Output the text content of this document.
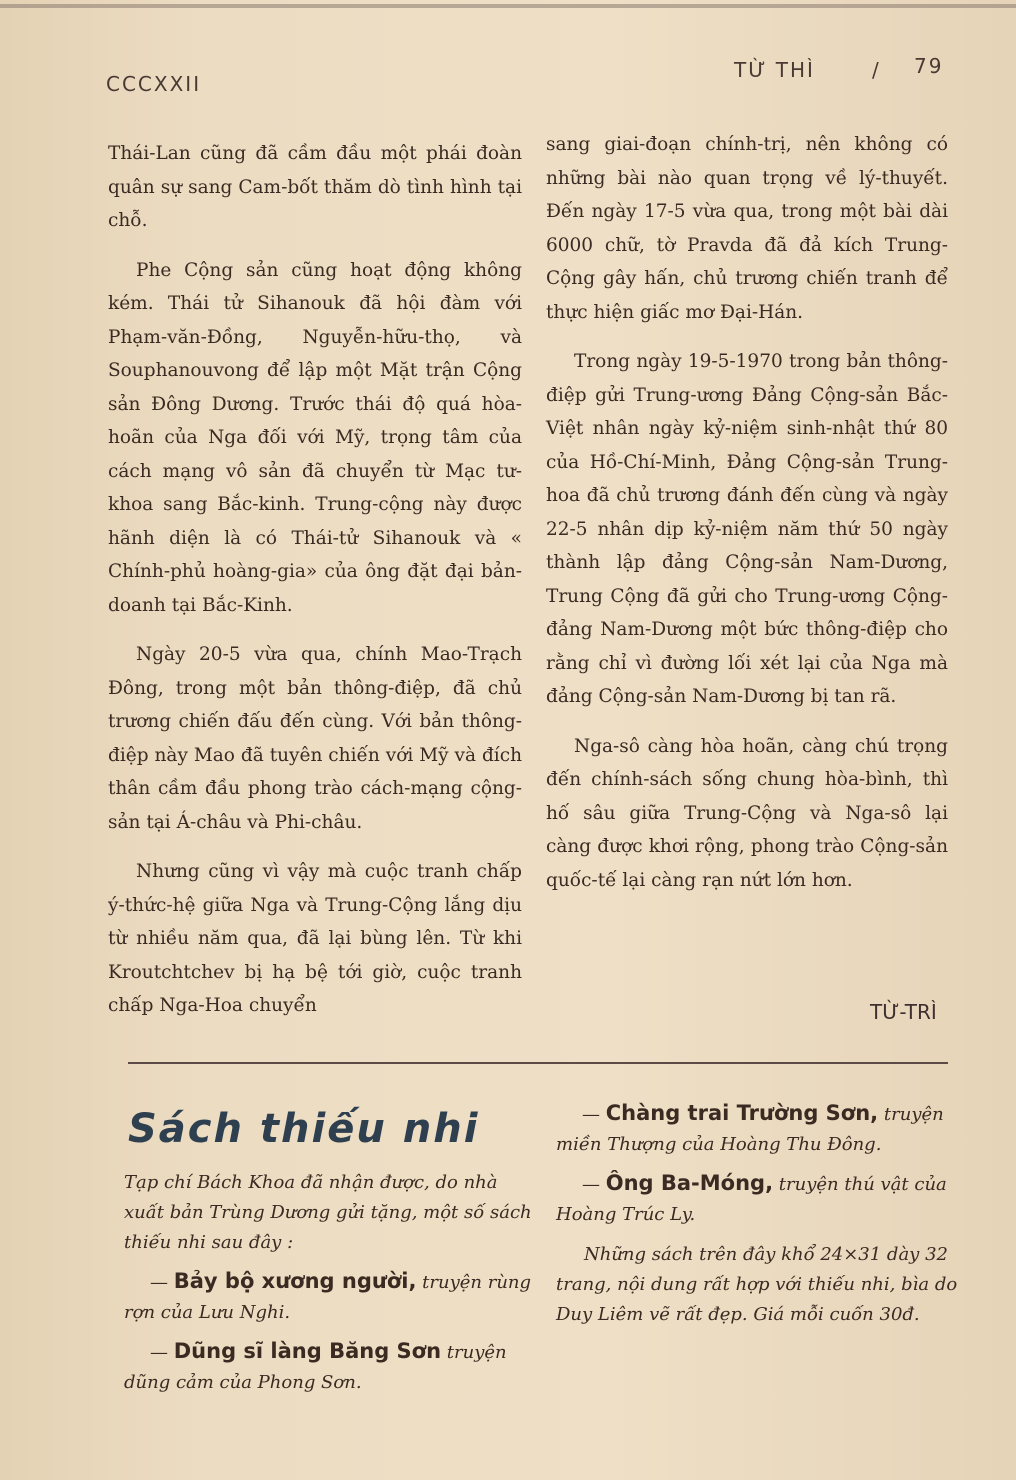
CCCXXII
TỪ THÌ	/ 79

Thái-Lan cũng đã cầm đầu một phái đoàn quân sự sang Cam-bốt thăm dò tình hình tại chỗ.

Phe Cộng sản cũng hoạt động không kém. Thái tử Sihanouk đã hội đàm với Phạm-văn-Đồng, Nguyễn-hữu-thọ, và Souphanouvong để lập một Mặt trận Cộng sản Đông Dương. Trước thái độ quá hòa-hoãn của Nga đối với Mỹ, trọng tâm của cách mạng vô sản đã chuyển từ Mạc tư-khoa sang Bắc-kinh. Trung-cộng này được hãnh diện là có Thái-tử Sihanouk và « Chính-phủ hoàng-gia» của ông đặt đại bản-doanh tại Bắc-Kinh.

Ngày 20-5 vừa qua, chính Mao-Trạch Đông, trong một bản thông-điệp, đã chủ trương chiến đấu đến cùng. Với bản thông-điệp này Mao đã tuyên chiến với Mỹ và đích thân cầm đầu phong trào cách-mạng cộng-sản tại Á-châu và Phi-châu.

Nhưng cũng vì vậy mà cuộc tranh chấp ý-thức-hệ giữa Nga và Trung-Cộng lắng dịu từ nhiều năm qua, đã lại bùng lên. Từ khi Kroutchtchev bị hạ bệ tới giờ, cuộc tranh chấp Nga-Hoa chuyển

sang giai-đoạn chính-trị, nên không có những bài nào quan trọng về lý-thuyết. Đến ngày 17-5 vừa qua, trong một bài dài 6000 chữ, tờ Pravda đã đả kích Trung-Cộng gây hấn, chủ trương chiến tranh để thực hiện giấc mơ Đại-Hán.

Trong ngày 19-5-1970 trong bản thông-điệp gửi Trung-ương Đảng Cộng-sản Bắc-Việt nhân ngày kỷ-niệm sinh-nhật thứ 80 của Hồ-Chí-Minh, Đảng Cộng-sản Trung-hoa đã chủ trương đánh đến cùng và ngày 22-5 nhân dịp kỷ-niệm năm thứ 50 ngày thành lập đảng Cộng-sản Nam-Dương, Trung Cộng đã gửi cho Trung-ương Cộng-đảng Nam-Dương một bức thông-điệp cho rằng chỉ vì đường lối xét lại của Nga mà đảng Cộng-sản Nam-Dương bị tan rã.

Nga-sô càng hòa hoãn, càng chú trọng đến chính-sách sống chung hòa-bình, thì hố sâu giữa Trung-Cộng và Nga-sô lại càng được khơi rộng, phong trào Cộng-sản quốc-tế lại càng rạn nứt lớn hơn.

TỪ-TRÌ
Sách thiếu nhi

Tạp chí Bách Khoa đã nhận được, do nhà xuất bản Trùng Dương gửi tặng, một số sách thiếu nhi sau đây :

— Bảy bộ xương người, truyện rùng rợn của Lưu Nghi.

— Dũng sĩ làng Băng Sơn truyện dũng cảm của Phong Sơn.

— Chàng trai Trường Sơn, truyện miền Thượng của Hoàng Thu Đông.

— Ông Ba-Móng, truyện thú vật của Hoàng Trúc Ly.

Những sách trên đây khổ 24×31 dày 32 trang, nội dung rất hợp với thiếu nhi, bìa do Duy Liêm vẽ rất đẹp. Giá mỗi cuốn 30đ.
